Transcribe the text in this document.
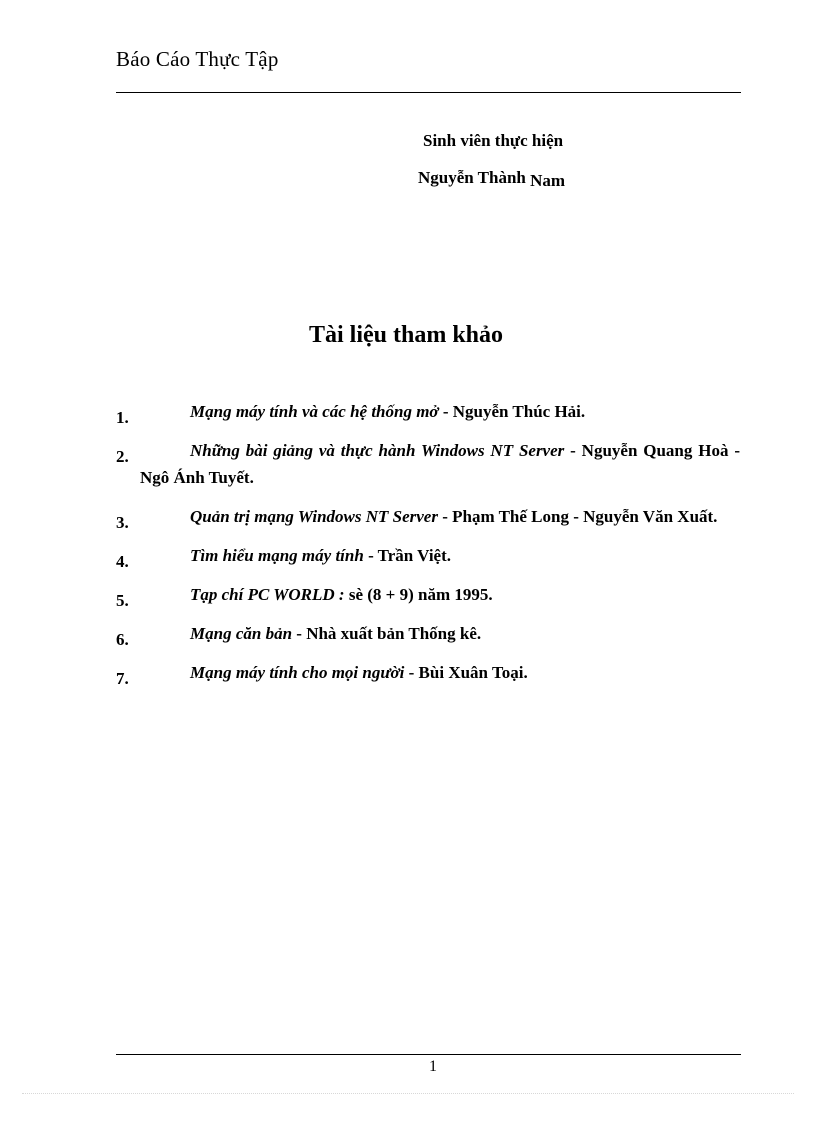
Báo Cáo Thực Tập
Sinh viên thực hiện
Nguyễn Thành Nam
Tài liệu tham khảo
1.	Mạng máy tính và các hệ thống mở - Nguyễn Thúc Hải.
2.	Những bài giảng và thực hành Windows NT Server - Nguyễn Quang Hoà - Ngô Ánh Tuyết.
3.	Quản trị mạng Windows NT Server - Phạm Thế Long - Nguyễn Văn Xuất.
4.	Tìm hiểu mạng máy tính - Trần Việt.
5.	Tạp chí PC WORLD : sè (8 + 9) năm 1995.
6.	Mạng căn bản - Nhà xuất bản Thống kê.
7.	Mạng máy tính cho mọi người - Bùi Xuân Toại.
1
